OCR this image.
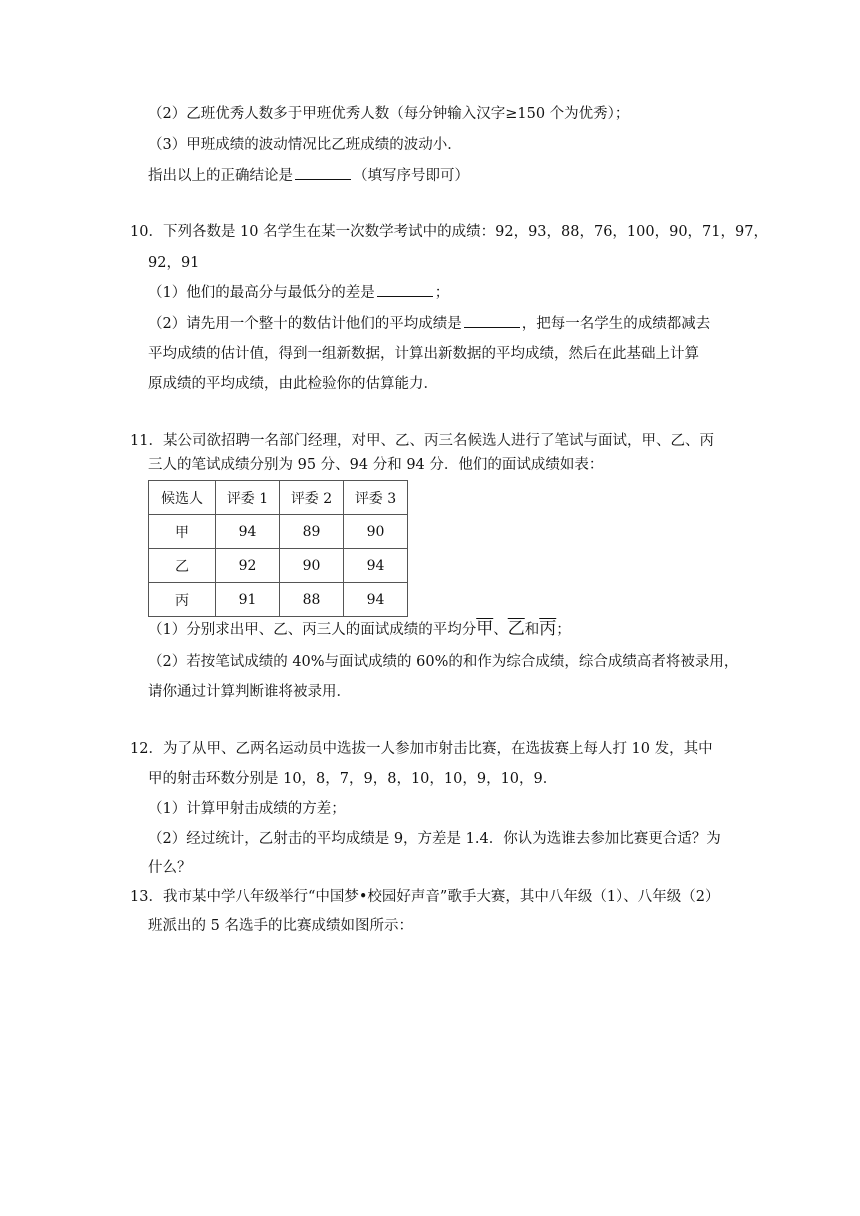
（2）乙班优秀人数多于甲班优秀人数（每分钟输入汉字≥150 个为优秀）；
（3）甲班成绩的波动情况比乙班成绩的波动小．
指出以上的正确结论是	（填写序号即可）
10．下列各数是 10 名学生在某一次数学考试中的成绩：92，93，88，76，100，90，71，97，
92，91
（1）他们的最高分与最低分的差是	；
（2）请先用一个整十的数估计他们的平均成绩是	，把每一名学生的成绩都减去
平均成绩的估计值，得到一组新数据，计算出新数据的平均成绩，然后在此基础上计算
原成绩的平均成绩，由此检验你的估算能力．
11．某公司欲招聘一名部门经理，对甲、乙、丙三名候选人进行了笔试与面试，甲、乙、丙
三人的笔试成绩分别为 95 分、94 分和 94 分．他们的面试成绩如表：
候选人	评委 1	评委 2	评委 3
甲	94	89	90
乙	92	90	94
丙	91	88	94
（1）分别求出甲、乙、丙三人的面试成绩的平均分甲、乙和丙；
（2）若按笔试成绩的 40%与面试成绩的 60%的和作为综合成绩，综合成绩高者将被录用，
请你通过计算判断谁将被录用．
12．为了从甲、乙两名运动员中选拔一人参加市射击比赛，在选拔赛上每人打 10 发，其中
甲的射击环数分别是 10，8，7，9，8，10，10，9，10，9．
（1）计算甲射击成绩的方差；
（2）经过统计，乙射击的平均成绩是 9，方差是 1.4．你认为选谁去参加比赛更合适？为
什么？
13．我市某中学八年级举行“中国梦•校园好声音”歌手大赛，其中八年级（1）、八年级（2）
班派出的 5 名选手的比赛成绩如图所示：
